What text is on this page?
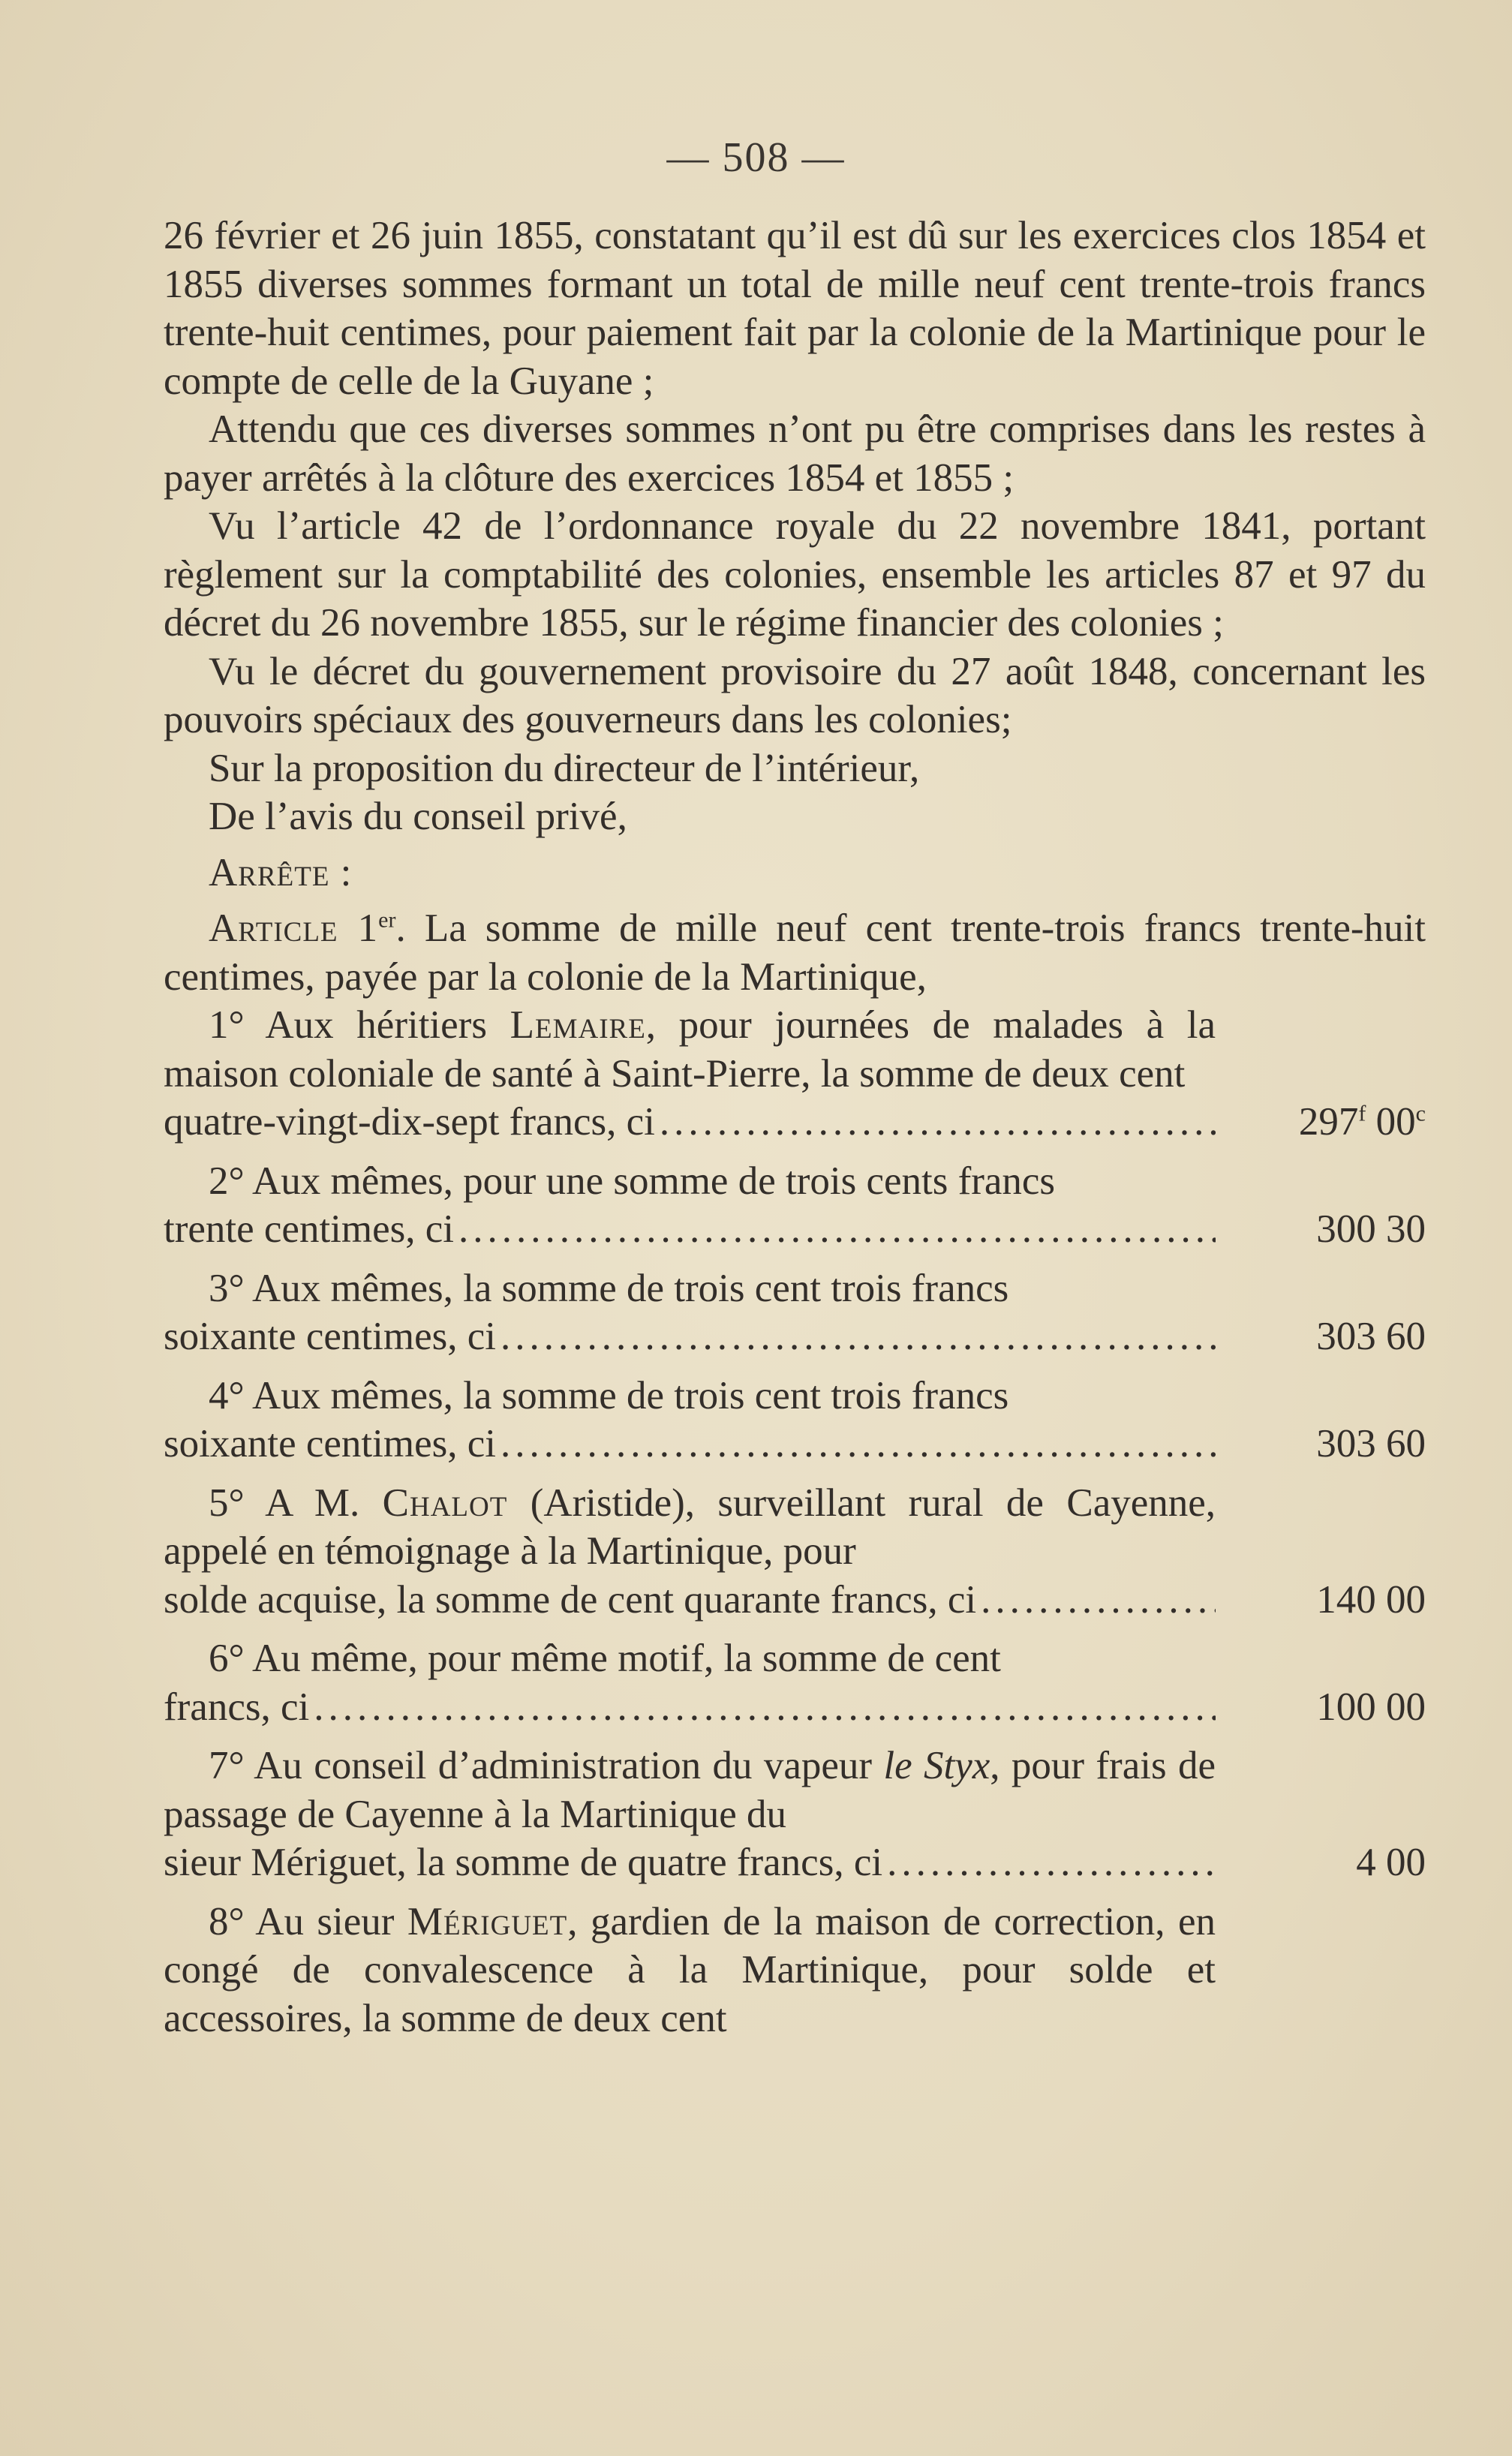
— 508 —

26 février et 26 juin 1855, constatant qu’il est dû sur les exercices clos 1854 et 1855 diverses sommes formant un total de mille neuf cent trente-trois francs trente-huit centimes, pour paiement fait par la colonie de la Martinique pour le compte de celle de la Guyane ;

Attendu que ces diverses sommes n’ont pu être comprises dans les restes à payer arrêtés à la clôture des exercices 1854 et 1855 ;

Vu l’article 42 de l’ordonnance royale du 22 novembre 1841, portant règlement sur la comptabilité des colonies, ensemble les articles 87 et 97 du décret du 26 novembre 1855, sur le régime financier des colonies ;

Vu le décret du gouvernement provisoire du 27 août 1848, concernant les pouvoirs spéciaux des gouverneurs dans les colonies;

Sur la proposition du directeur de l’intérieur,

De l’avis du conseil privé,

Arrête :

Article 1er. La somme de mille neuf cent trente-trois francs trente-huit centimes, payée par la colonie de la Martinique,

1° Aux héritiers Lemaire, pour journées de malades à la maison coloniale de santé à Saint-Pierre, la somme de deux cent
quatre-vingt-dix-sept francs, ci .....	297$^f$ 00$^c$
2° Aux mêmes, pour une somme de trois cents francs
trente centimes, ci .....	300 30
3° Aux mêmes, la somme de trois cent trois francs
soixante centimes, ci .....	303 60
4° Aux mêmes, la somme de trois cent trois francs
soixante centimes, ci .....	303 60
5° A M. Chalot (Aristide), surveillant rural de Cayenne, appelé en témoignage à la Martinique, pour
solde acquise, la somme de cent quarante francs, ci .....	140 00
6° Au même, pour même motif, la somme de cent
francs, ci .....	100 00
7° Au conseil d’administration du vapeur le Styx, pour frais de passage de Cayenne à la Martinique du
sieur Mériguet, la somme de quatre francs, ci .....	4 00
8° Au sieur Mériguet, gardien de la maison de correction, en congé de convalescence à la Martinique, pour solde et accessoires, la somme de deux cent
